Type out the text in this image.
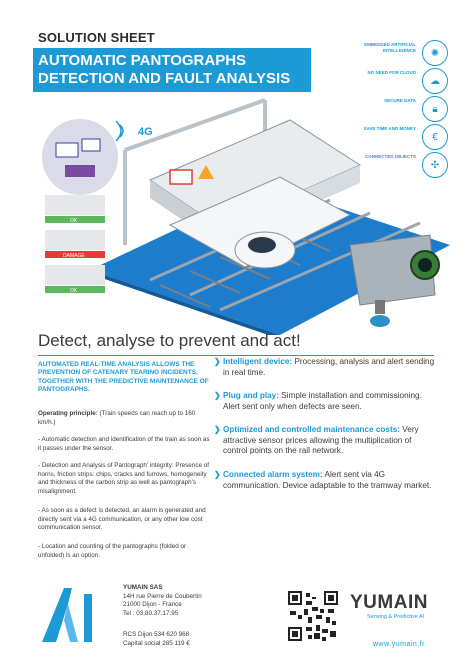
SOLUTION SHEET
AUTOMATIC PANTOGRAPHS
DETECTION AND FAULT ANALYSIS
EMBEDDED ARTIFICIAL INTELLIGENCE	✺
NO NEED FOR CLOUD
☁
SECURE DATA
🔒︎
SAVE TIME AND MONEY
€
CONNECTED OBJECTS
✣
4G
OK
DAMAGE
OK
Detect, analyse to prevent and act!
AUTOMATED REAL-TIME ANALYSIS ALLOWS THE PREVENTION OF CATENARY TEARING INCIDENTS, TOGETHER WITH THE PREDICTIVE MAINTENANCE OF PANTOGRAPHS.
Operating principle: (Train speeds can reach up to 160 km/h.)
- Automatic detection and identification of the train as soon as it passes under the sensor.
- Detection and Analysis of Pantograph' integrity: Presence of horns, friction strips: chips, cracks and furrows, homogeneity and thickness of the carbon strip as well as pantograph's misalignment.
- As soon as a defect is detected, an alarm is generated and directly sent via a 4G communication, or any other low cost communication sensor.
- Location and counting of the pantographs (folded or unfolded) is an option.
❯ Intelligent device: Processing, analysis and alert sending in real time.
❯ Plug and play: Simple installation and commissioning. Alert sent only when defects are seen.
❯ Optimized and controlled maintenance costs: Very attractive sensor prices allowing the multiplication of control points on the rail network.
❯ Connected alarm system: Alert sent via 4G communication. Device adaptable to the tramway market.
YUMAIN SAS
14H rue Pierre de Coubertin
21000 Dijon - France
Tel : 03.80.37.17.95
RCS Dijon 534 620 968
Capital social 285 119 €
YUMAIN
Sensing & Predictive AI
www.yumain.fr
